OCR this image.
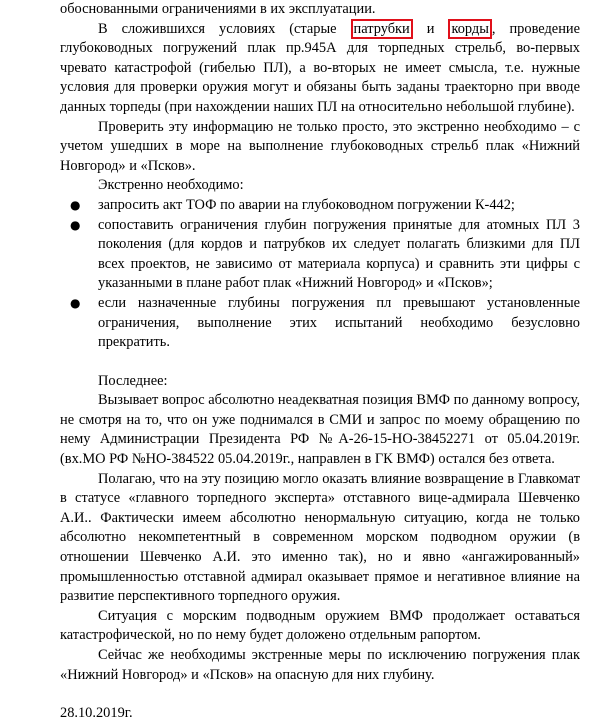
обоснованными ограничениями в их эксплуатации.

В сложившихся условиях (старые патрубки и корды , проведение глубоководных погружений плак пр.945А для торпедных стрельб, во-первых чревато катастрофой (гибелью ПЛ), а во-вторых не имеет смысла, т.е. нужные условия для проверки оружия могут и обязаны быть заданы траекторно при вводе данных торпеды (при нахождении наших ПЛ на относительно небольшой глубине).

Проверить эту информацию не только просто, это экстренно необходимо – с учетом ушедших в море на выполнение глубоководных стрельб плак «Нижний Новгород» и «Псков».

Экстренно необходимо:

● запросить акт ТОФ по аварии на глубоководном погружении К-442;
● сопоставить ограничения глубин погружения принятые для атомных ПЛ 3 поколения (для кордов и патрубков их следует полагать близкими для ПЛ всех проектов, не зависимо от материала корпуса) и сравнить эти цифры с указанными в плане работ плак «Нижний Новгород» и «Псков»;
● если назначенные глубины погружения пл превышают установленные ограничения, выполнение этих испытаний необходимо безусловно прекратить.

Последнее:

Вызывает вопрос абсолютно неадекватная позиция ВМФ по данному вопросу, не смотря на то, что он уже поднимался в СМИ и запрос по моему обращению по нему Администрации Президента РФ №А-26-15-НО-38452271 от 05.04.2019г. (вх.МО РФ №НО-384522 05.04.2019г., направлен в ГК ВМФ) остался без ответа.

Полагаю, что на эту позицию могло оказать влияние возвращение в Главкомат в статусе «главного торпедного эксперта» отставного вице-адмирала Шевченко А.И.. Фактически имеем абсолютно ненормальную ситуацию, когда не только абсолютно некомпетентный в современном морском подводном оружии (в отношении Шевченко А.И. это именно так), но и явно «ангажированный» промышленностью отставной адмирал оказывает прямое и негативное влияние на развитие перспективного торпедного оружия.

Ситуация с морским подводным оружием ВМФ продолжает оставаться катастрофической, но по нему будет доложено отдельным рапортом.

Сейчас же необходимы экстренные меры по исключению погружения плак «Нижний Новгород» и «Псков» на опасную для них глубину.

28.10.2019г.
